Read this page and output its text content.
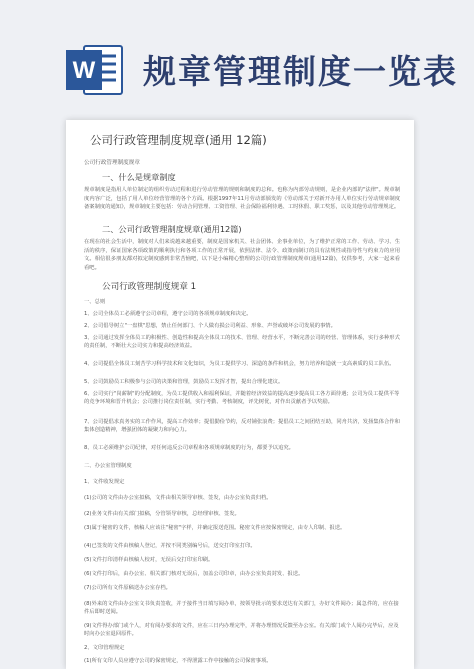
W 规章管理制度一览表
公司行政管理制度规章(通用 12篇)
公司行政管理制度规章
一、什么是规章制度
规章制度是指用人单位制定的组织劳动过程和进行劳动管理的规则和制度的总和。也称为内部劳动规则，是企业内部的"法律"。规章制度内容广泛，包括了用人单位经营管理的各个方面。根据1997年11月劳动部颁发的《劳动部关于对新开办用人单位实行劳动规章制度备案制度的通知》，规章制度主要包括：劳动合同管理、工资管理、社会保险福利待遇、工时休假、职工奖惩，以及其他劳动管理规定。
二、公司行政管理制度规章(通用12篇)
在现在的社会生活中，制度对人们来说越来越重要，制度是国家机关、社会团体、企事业单位，为了维护正常的工作、劳动、学习、生活的秩序，保证国家各项政策的顺利执行和各项工作的正常开展，依照法律、法令、政策而制订的具有法规性或指导性与约束力的应用文。相信很多朋友都对拟定制度感到非常苦恼吧，以下是小编精心整理的公司行政管理制度规章(通用12篇)，仅供参考，大家一起来看看吧。
公司行政管理制度规章 1
一、总则
1、公司全体员工必须遵守公司章程，遵守公司的各项规章制度和决定。
2、公司倡导树立"一盘棋"思想，禁止任何部门、个人做有损公司利益、形象、声誉或破坏公司发展的事情。
3、公司通过发挥全体员工的积极性、创造性和提高全体员工的技术、管理、经营水平，不断完善公司的经营、管理体系，实行多种形式的责任制，不断壮大公司实力和提高经济效益。
4、公司提倡全体员工刻苦学习科学技术和文化知识，为员工提供学习、深造的条件和机会，努力培养和造就一支高素质的员工队伍。
5、公司鼓励员工积极参与公司的决策和管理，鼓励员工发挥才智，提出合理化建议。
6、公司实行"岗薪制"的分配制度，为员工提供收入和福利保证，并随着经济效益的提高逐步提高员工各方面待遇；公司为员工提供平等的竞争环境和晋升机会；公司推行岗位责任制，实行考勤、考核制度，评先树优，对作出贡献者予以奖励。
7、公司提倡求真务实的工作作风，提高工作效率；提倡勤俭节约，反对铺张浪费；提倡员工之间团结互助，同舟共济，发扬集体合作和集体创造精神，增强团体的凝聚力和向心力。
8、员工必须维护公司纪律，对任何违反公司章程和各项规章制度的行为，都要予以追究。
二、办公室管理制度
1、文件收发规定
(1)公司的文件由办公室拟稿，文件由相关领导审核、签发，由办公室负责归档。
(2)业务文件由有关部门拟稿，分管领导审核，总经理审核、签发。
(3)属于秘密的文件，核稿人应该注"秘密"字样，并确定报送范围。秘密文件应按保密规定，由专人印制、报送。
(4)已签发的文件由核稿人登记，并按不同类别编号后，送交打印室打印。
(5)文件打印清样由核稿人校对，无误后交打印室印刷。
(6)文件打印后，由办公室、相关部门核对无误后，加盖公司印章，由办公室负责封发、报送。
(7)公司所有文件原稿送办公室存档。
(8)外来的文件由办公室文书负责签收，并于接件当日填写阅办单，按领导批示的要求送达有关部门，办好文件阅办；属急件的，应在接件后即时送阅。
(9)文件得办部门或个人，对有阅办要求的文件，应在三日内办理完毕，并将办理情况反馈至办公室。有关部门或个人阅办完毕后，应及时向办公室退回原件。
2、文印管理规定
(1)所有文印人员应遵守公司的保密规定，不得泄露工作中接触的公司保密事项。
